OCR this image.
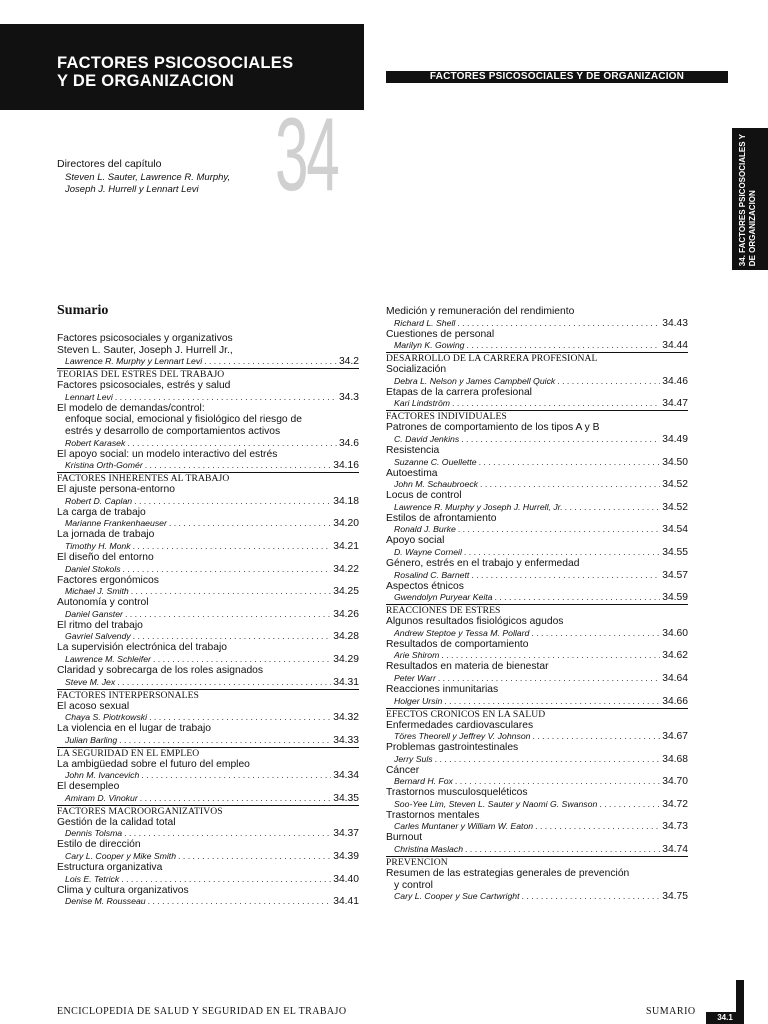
FACTORES PSICOSOCIALES
Y DE ORGANIZACION	FACTORES PSICOSOCIALES Y DE ORGANIZACION
34
Directores del capítulo
Steven L. Sauter, Lawrence R. Murphy,
Joseph J. Hurrell y Lennart Levi
34. FACTORES PSICOSOCIALES Y
DE ORGANIZACION
Sumario
Factores psicosociales y organizativos
Steven L. Sauter, Joseph J. Hurrell Jr.,
Lawrence R. Murphy y Lennart Levi . . .	34.2
TEORIAS DEL ESTRES DEL TRABAJO
Factores psicosociales, estrés y salud
Lennart Levi . . .	34.3
El modelo de demandas/control:
enfoque social, emocional y fisiológico del riesgo de
estrés y desarrollo de comportamientos activos
Robert Karasek . . .	34.6
El apoyo social: un modelo interactivo del estrés
Kristina Orth-Gomér . . .	34.16
FACTORES INHERENTES AL TRABAJO
El ajuste persona-entorno
Robert D. Caplan . . .	34.18
La carga de trabajo
Marianne Frankenhaeuser . . .	34.20
La jornada de trabajo
Timothy H. Monk . . .	34.21
El diseño del entorno
Daniel Stokols . . .	34.22
Factores ergonómicos
Michael J. Smith . . .	34.25
Autonomía y control
Daniel Ganster . . .	34.26
El ritmo del trabajo
Gavriel Salvendy . . .	34.28
La supervisión electrónica del trabajo
Lawrence M. Schleifer . . .	34.29
Claridad y sobrecarga de los roles asignados
Steve M. Jex . . .	34.31
FACTORES INTERPERSONALES
El acoso sexual
Chaya S. Piotrkowski . . .	34.32
La violencia en el lugar de trabajo
Julian Barling . . .	34.33
LA SEGURIDAD EN EL EMPLEO
La ambigüedad sobre el futuro del empleo
John M. Ivancevich . . .	34.34
El desempleo
Amiram D. Vinokur . . .	34.35
FACTORES MACROORGANIZATIVOS
Gestión de la calidad total
Dennis Tolsma . . .	34.37
Estilo de dirección
Cary L. Cooper y Mike Smith . . .	34.39
Estructura organizativa
Lois E. Tetrick . . .	34.40
Clima y cultura organizativos
Denise M. Rousseau . . .	34.41
Medición y remuneración del rendimiento
Richard L. Shell . . .	34.43
Cuestiones de personal
Marilyn K. Gowing . . .	34.44
DESARROLLO DE LA CARRERA PROFESIONAL
Socialización
Debra L. Nelson y James Campbell Quick . . .	34.46
Etapas de la carrera profesional
Kari Lindström . . .	34.47
FACTORES INDIVIDUALES
Patrones de comportamiento de los tipos A y B
C. David Jenkins . . .	34.49
Resistencia
Suzanne C. Ouellette . . .	34.50
Autoestima
John M. Schaubroeck . . .	34.52
Locus de control
Lawrence R. Murphy y Joseph J. Hurrell, Jr. . . .	34.52
Estilos de afrontamiento
Ronald J. Burke . . .	34.54
Apoyo social
D. Wayne Corneil . . .	34.55
Género, estrés en el trabajo y enfermedad
Rosalind C. Barnett . . .	34.57
Aspectos étnicos
Gwendolyn Puryear Keita . . .	34.59
REACCIONES DE ESTRES
Algunos resultados fisiológicos agudos
Andrew Steptoe y Tessa M. Pollard . . .	34.60
Resultados de comportamiento
Arie Shirom . . .	34.62
Resultados en materia de bienestar
Peter Warr . . .	34.64
Reacciones inmunitarias
Holger Ursin . . .	34.66
EFECTOS CRONICOS EN LA SALUD
Enfermedades cardiovasculares
Töres Theorell y Jeffrey V. Johnson . . .	34.67
Problemas gastrointestinales
Jerry Suls . . .	34.68
Cáncer
Bernard H. Fox . . .	34.70
Trastornos musculosqueléticos
Soo-Yee Lim, Steven L. Sauter y Naomi G. Swanson . . .	34.72
Trastornos mentales
Carles Muntaner y William W. Eaton . . .	34.73
Burnout
Christina Maslach . . .	34.74
PREVENCION
Resumen de las estrategias generales de prevención
y control
Cary L. Cooper y Sue Cartwright . . .	34.75
ENCICLOPEDIA DE SALUD Y SEGURIDAD EN EL TRABAJO	SUMARIO
34.1
